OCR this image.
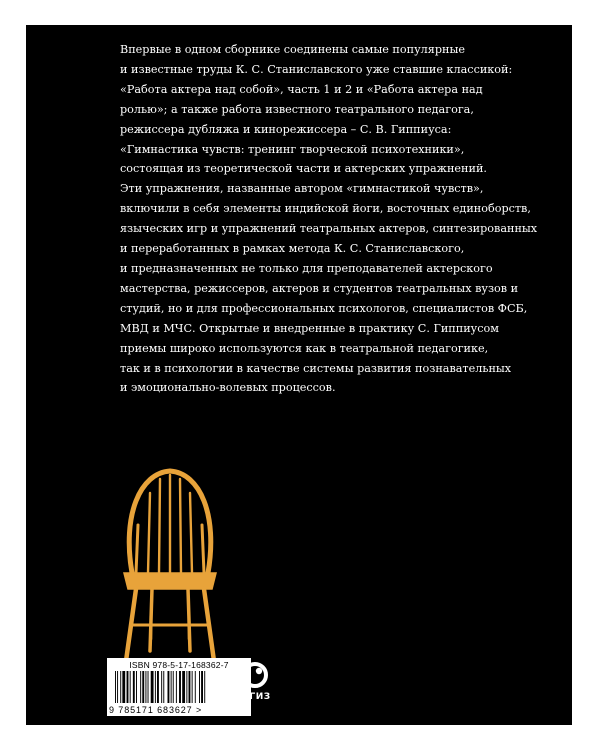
Впервые в одном сборнике соединены самые популярные
и известные труды К. С. Станиславского уже ставшие классикой:
«Работа актера над собой», часть 1 и 2 и «Работа актера над
ролью»; а также работа известного театрального педагога,
режиссера дубляжа и кинорежиссера – С. В. Гиппиуса:
«Гимнастика чувств: тренинг творческой психотехники»,
состоящая из теоретической части и актерских упражнений.
Эти упражнения, названные автором «гимнастикой чувств»,
включили в себя элементы индийской йоги, восточных единоборств,
языческих игр и упражнений театральных актеров, синтезированных
и переработанных в рамках метода К. С. Станиславского,
и предназначенных не только для преподавателей актерского
мастерства, режиссеров, актеров и студентов театральных вузов и
студий, но и для профессиональных психологов, специалистов ФСБ,
МВД и МЧС. Открытые и внедренные в практику С. Гиппиусом
приемы широко используются как в театральной педагогике,
так и в психологии в качестве системы развития познавательных
и эмоционально-волевых процессов.

ISBN 978-5-17-168362-7
9 785171 683627 >
ОГИЗ
